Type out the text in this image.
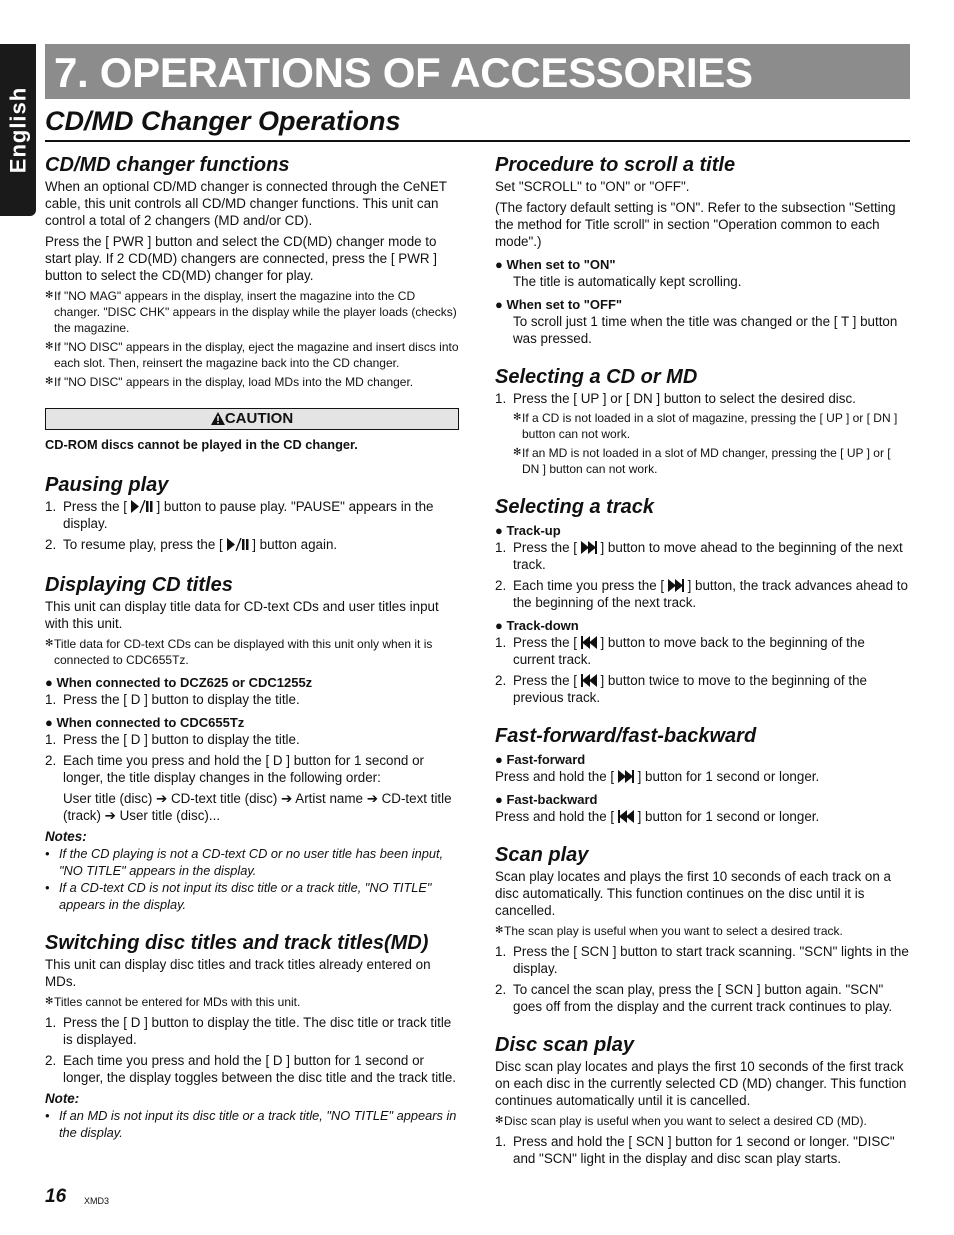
English
7. OPERATIONS OF ACCESSORIES
CD/MD Changer Operations
CD/MD changer functions

When an optional CD/MD changer is connected through the CeNET cable, this unit controls all CD/MD changer functions. This unit can control a total of 2 changers (MD and/or CD).

Press the [ PWR ] button and select the CD(MD) changer mode to start play. If 2 CD(MD) changers are connected, press the [ PWR ] button to select the CD(MD) changer for play.

✻ If "NO MAG" appears in the display, insert the magazine into the CD changer. "DISC CHK" appears in the display while the player loads (checks) the magazine.
✻ If "NO DISC" appears in the display, eject the magazine and insert discs into each slot. Then, reinsert the magazine back into the CD changer.
✻ If "NO DISC" appears in the display, load MDs into the MD changer.
CAUTION

CD-ROM discs cannot be played in the CD changer.

Pausing play
1. Press the [ ] button to pause play. "PAUSE" appears in the display.
2. To resume play, press the [ ] button again.
Displaying CD titles

This unit can display title data for CD-text CDs and user titles input with this unit.

✻ Title data for CD-text CDs can be displayed with this unit only when it is connected to CDC655Tz.

● When connected to DCZ625 or CDC1255z

1. Press the [ D ] button to display the title.

● When connected to CDC655Tz

1. Press the [ D ] button to display the title.
2. Each time you press and hold the [ D ] button for 1 second or longer, the title display changes in the following order:

User title (disc) ➔ CD-text title (disc) ➔ Artist name ➔ CD-text title (track) ➔ User title (disc)...

Notes:

• If the CD playing is not a CD-text CD or no user title has been input, "NO TITLE" appears in the display.
• If a CD-text CD is not input its disc title or a track title, "NO TITLE" appears in the display.
Switching disc titles and track titles(MD)

This unit can display disc titles and track titles already entered on MDs.

✻ Titles cannot be entered for MDs with this unit.
1. Press the [ D ] button to display the title. The disc title or track title is displayed.
2. Each time you press and hold the [ D ] button for 1 second or longer, the display toggles between the disc title and the track title.

Note:

• If an MD is not input its disc title or a track title, "NO TITLE" appears in the display.
Procedure to scroll a title

Set "SCROLL" to "ON" or "OFF".

(The factory default setting is "ON". Refer to the subsection "Setting the method for Title scroll" in section "Operation common to each mode".)

● When set to "ON"

The title is automatically kept scrolling.

● When set to "OFF"

To scroll just 1 time when the title was changed or the [ T ] button was pressed.

Selecting a CD or MD
1. Press the [ UP ] or [ DN ] button to select the desired disc.
✻ If a CD is not loaded in a slot of magazine, pressing the [ UP ] or [ DN ] button can not work.
✻ If an MD is not loaded in a slot of MD changer, pressing the [ UP ] or [ DN ] button can not work.
Selecting a track

● Track-up

1. Press the [ ] button to move ahead to the beginning of the next track.
2. Each time you press the [ ] button, the track advances ahead to the beginning of the next track.

● Track-down

1. Press the [ ] button to move back to the beginning of the current track.
2. Press the [ ] button twice to move to the beginning of the previous track.
Fast-forward/fast-backward

● Fast-forward

Press and hold the [ ] button for 1 second or longer.

● Fast-backward

Press and hold the [ ] button for 1 second or longer.

Scan play

Scan play locates and plays the first 10 seconds of each track on a disc automatically. This function continues on the disc until it is cancelled.

✻ The scan play is useful when you want to select a desired track.
1. Press the [ SCN ] button to start track scanning. "SCN" lights in the display.
2. To cancel the scan play, press the [ SCN ] button again. "SCN" goes off from the display and the current track continues to play.
Disc scan play

Disc scan play locates and plays the first 10 seconds of the first track on each disc in the currently selected CD (MD) changer. This function continues automatically until it is cancelled.

✻ Disc scan play is useful when you want to select a desired CD (MD).
1. Press and hold the [ SCN ] button for 1 second or longer. "DISC" and "SCN" light in the display and disc scan play starts.
16 XMD3
